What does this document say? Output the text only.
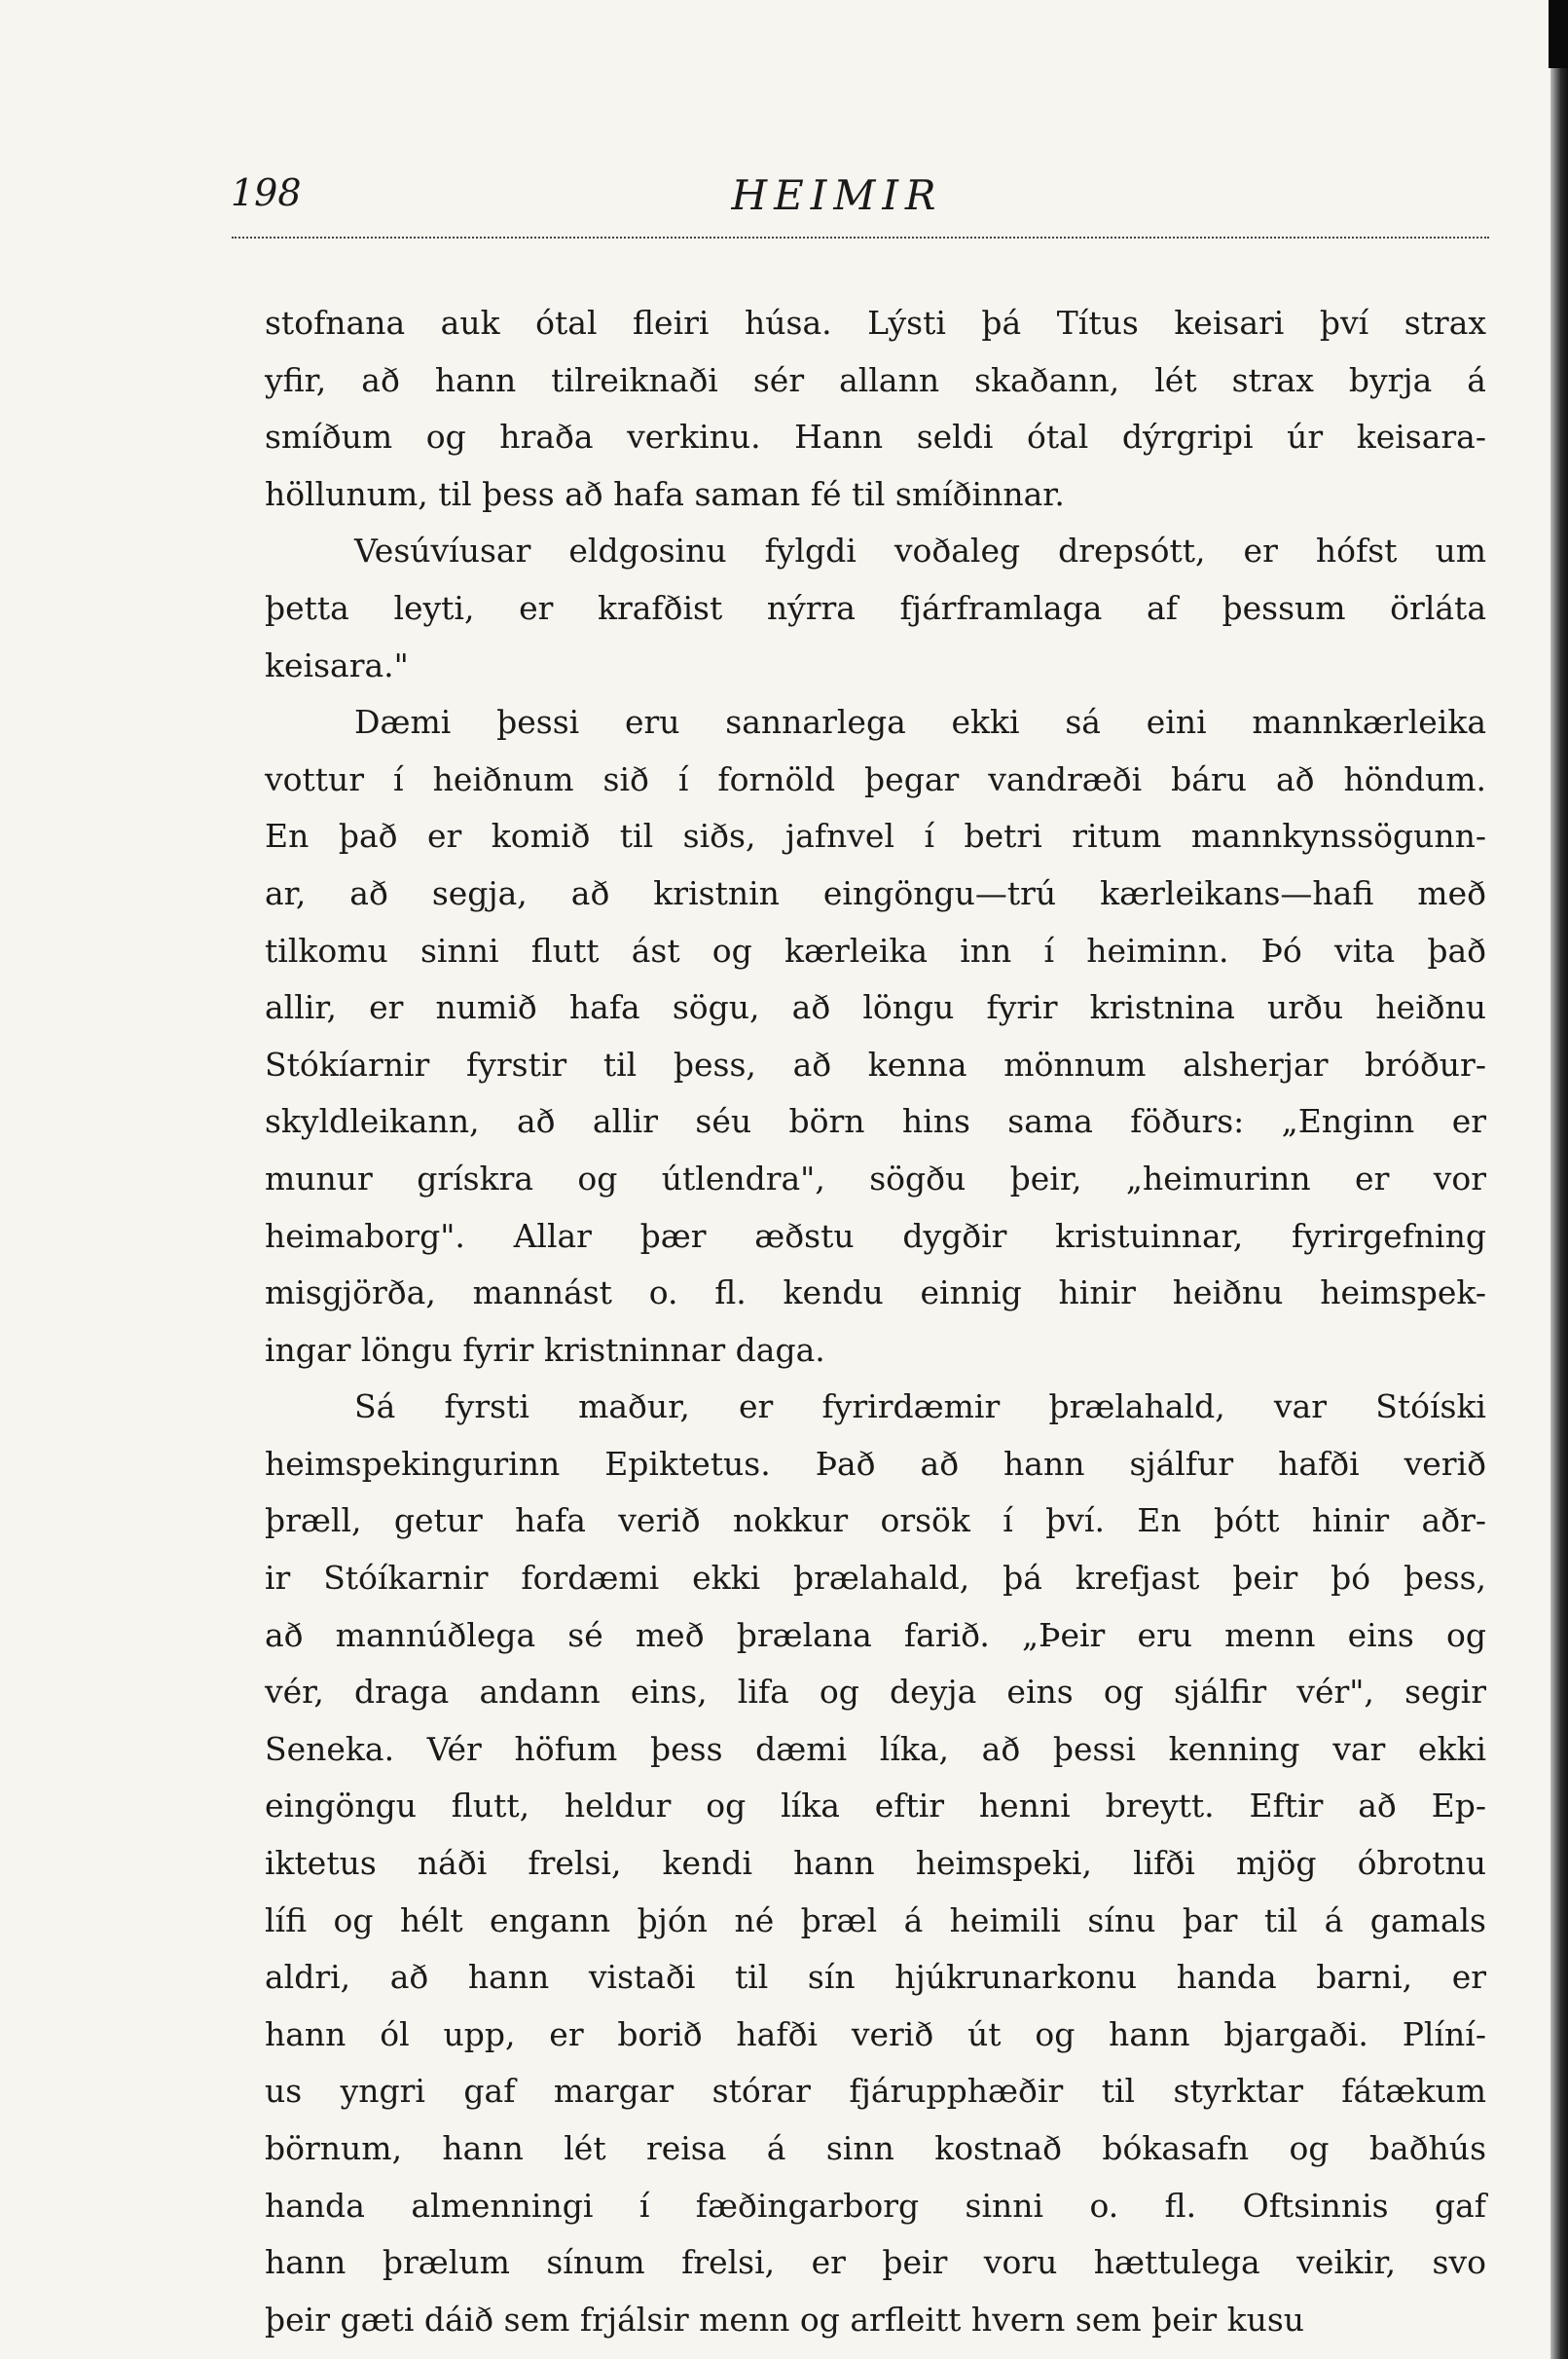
198	HEIMIR
stofnana auk ótal fleiri húsa. Lýsti þá Títus keisari því strax
yfir, að hann tilreiknaði sér allann skaðann, lét strax byrja á
smíðum og hraða verkinu. Hann seldi ótal dýrgripi úr keisara-
höllunum, til þess að hafa saman fé til smíðinnar.
Vesúvíusar eldgosinu fylgdi voðaleg drepsótt, er hófst um
þetta leyti, er krafðist nýrra fjárframlaga af þessum örláta
keisara."
Dæmi þessi eru sannarlega ekki sá eini mannkærleika
vottur í heiðnum sið í fornöld þegar vandræði báru að höndum.
En það er komið til siðs, jafnvel í betri ritum mannkynssögunn-
ar, að segja, að kristnin eingöngu—trú kærleikans—hafi með
tilkomu sinni flutt ást og kærleika inn í heiminn. Þó vita það
allir, er numið hafa sögu, að löngu fyrir kristnina urðu heiðnu
Stókíarnir fyrstir til þess, að kenna mönnum alsherjar bróður-
skyldleikann, að allir séu börn hins sama föðurs: „Enginn er
munur grískra og útlendra", sögðu þeir, „heimurinn er vor
heimaborg". Allar þær æðstu dygðir kristuinnar, fyrirgefning
misgjörða, mannást o. fl. kendu einnig hinir heiðnu heimspek-
ingar löngu fyrir kristninnar daga.
Sá fyrsti maður, er fyrirdæmir þrælahald, var Stóíski
heimspekingurinn Epiktetus. Það að hann sjálfur hafði verið
þræll, getur hafa verið nokkur orsök í því. En þótt hinir aðr-
ir Stóíkarnir fordæmi ekki þrælahald, þá krefjast þeir þó þess,
að mannúðlega sé með þrælana farið. „Þeir eru menn eins og
vér, draga andann eins, lifa og deyja eins og sjálfir vér", segir
Seneka. Vér höfum þess dæmi líka, að þessi kenning var ekki
eingöngu flutt, heldur og líka eftir henni breytt. Eftir að Ep-
iktetus náði frelsi, kendi hann heimspeki, lifði mjög óbrotnu
lífi og hélt engann þjón né þræl á heimili sínu þar til á gamals
aldri, að hann vistaði til sín hjúkrunarkonu handa barni, er
hann ól upp, er borið hafði verið út og hann bjargaði. Plíní-
us yngri gaf margar stórar fjárupphæðir til styrktar fátækum
börnum, hann lét reisa á sinn kostnað bókasafn og baðhús
handa almenningi í fæðingarborg sinni o. fl. Oftsinnis gaf
hann þrælum sínum frelsi, er þeir voru hættulega veikir, svo
þeir gæti dáið sem frjálsir menn og arfleitt hvern sem þeir kusu
